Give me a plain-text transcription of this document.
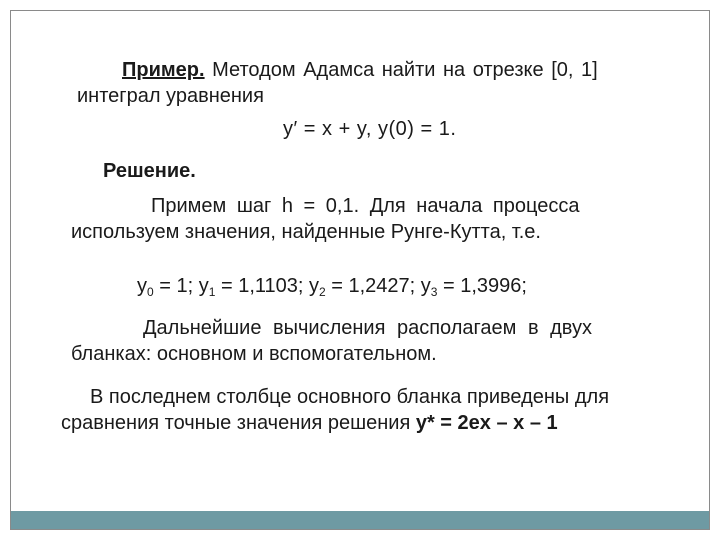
Пример. Методом Адамса найти на отрезке [0, 1]
интеграл уравнения
y′ = x + y, y(0) = 1.
Решение.
Примем шаг h = 0,1. Для начала процесса
используем значения, найденные Рунге-Кутта, т.е.
$y_0 = 1$; $y_1 = 1,1103$; $y_2 = 1,2427$; $y_3 = 1,3996$;
Дальнейшие вычисления располагаем в двух
бланках: основном и вспомогательном.
В последнем столбце основного бланка приведены для
сравнения точные значения решения y* = 2ex – x – 1
